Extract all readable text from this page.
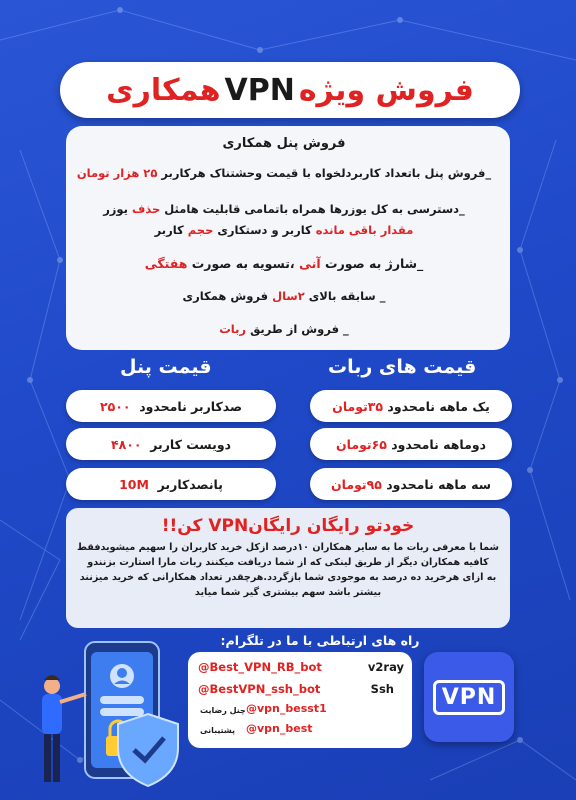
فروش ویژه
VPN
همکاری
فروش پنل همکاری
_فروش پنل باتعداد کاربردلخواه با قیمت وحشتناک هرکاربر ۲۵ هزار تومان
_دسترسی به کل یوزرها همراه باتمامی قابلیت هامثل حذف یوزر
مقدار باقی مانده کاربر و دستکاری حجم کاربر
_شارژ به صورت آنی ،تسویه به صورت هفتگی
_ سابقه بالای ۲سال فروش همکاری
_ فروش از طریق ربات
قیمت های ربات
قیمت پنل
یک ماهه نامحدود

۳۵تومان
دوماهه نامحدود

۶۵تومان
سه ماهه نامحدود

۹۵تومان
صدکاربر نامحدود

۲۵۰۰
دویست کاربر

۴۸۰۰
پانصدکاربر

10M
خودتو رایگان رایگانVPN کن!!
شما با معرفی ربات ما به سایر همکاران ۱۰درصد ازکل خرید کاربران را سهیم میشویدفقط
کافیه همکاران دیگر از طریق لینکی که از شما دریافت میکنند ربات مارا استارت بزنندو
به ازای هرخرید ده درصد به موجودی شما بازگردد.هرچقدر تعداد همکارانی که خرید میزنند
بیشتر باشد سهم بیشتری گیر شما میاید
راه های ارتباطی با ما در تلگرام:
@Best_VPN_RB_bot	v2ray
@BestVPN_ssh_bot	Ssh
چنل رضایت @vpn_besst1
پشتیبانی @vpn_best
VPN
